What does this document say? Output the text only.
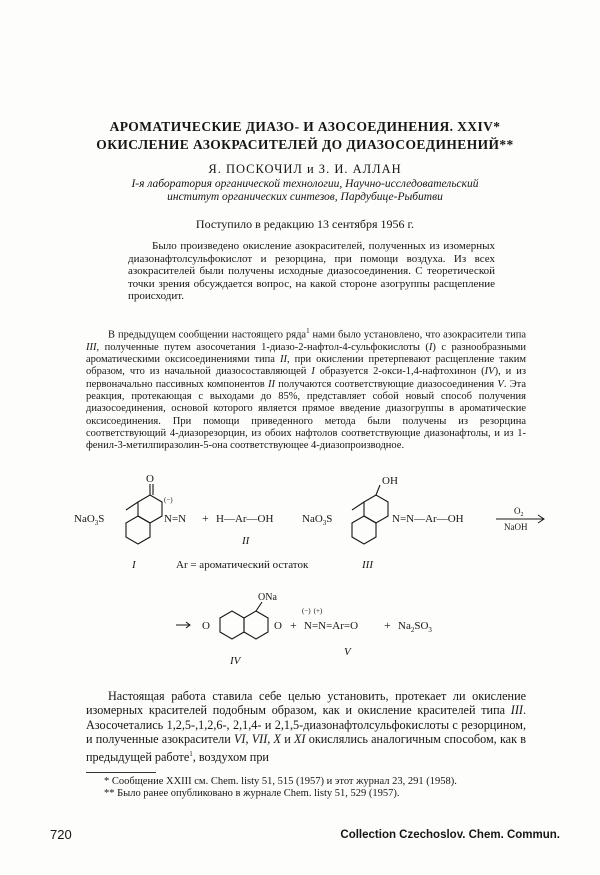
АРОМАТИЧЕСКИЕ ДИАЗО- И АЗОСОЕДИНЕНИЯ. XXIV*
ОКИСЛЕНИЕ АЗОКРАСИТЕЛЕЙ ДО ДИАЗОСОЕДИНЕНИЙ**
Я. ПОСКОЧИЛ и З. И. АЛЛАН
I-я лаборатория органической технологии, Научно-исследовательский
институт органических синтезов, Пардубице-Рыбитви
Поступило в редакцию 13 сентября 1956 г.

Было произведено окисление азокрасителей, полученных из изомерных диазонафтолсульфокислот и резорцина, при помощи воздуха. Из всех азокрасителей были получены исходные диазосоединения. С теоретической точки зрения обсуждается вопрос, на какой стороне азогруппы расщепление происходит.

В предыдущем сообщении настоящего ряда$^1$ нами было установлено, что азокрасители типа III, полученные путем азосочетания 1-диазо-2-нафтол-4-сульфокислоты (I) с разнообразными ароматическими оксисоединениями типа II, при окислении претерпевают расщепление таким образом, что из начальной диазосоставляющей I образуется 2-окси-1,4-нафтохинон (IV), и из первоначально пассивных компонентов II получаются соответствующие диазосоединения V. Эта реакция, протекающая с выходами до 85%, представляет собой новый способ получения диазосоединения, основой которого является прямое введение диазогруппы в ароматические оксисоединения. При помощи приведенного метода были получены из резорцина соответствующий 4-диазорезорцин, из обоих нафтолов соответствующие диазонафтолы, и из 1-фенил-3-метилпиразолин-5-она соответствующее 4-диазопроизводное.

NaO$_3$S
O
(−)
N=N + H—Ar—OH
II
I	Ar = ароматический остаток
NaO$_3$S
OH
N=N—Ar—OH
III
$O_2$
NaOH
O	O
ONa
IV
+
(−) (+)
N=N=Ar=O
V
+ $Na_2SO_3$

Настоящая работа ставила себе целью установить, протекает ли окисление изомерных красителей подобным образом, как и окисление красителей типа III. Азосочетались 1,2,5-,1,2,6-, 2,1,4- и 2,1,5-диазонафтолсульфокислоты с резорцином, и полученные азокрасители VI, VII, X и XI окислялись аналогичным способом, как в предыдущей работе$^1$, воздухом при

* Сообщение XXIII см. Chem. listy 51, 515 (1957) и этот журнал 23, 291 (1958).

** Было ранее опубликовано в журнале Chem. listy 51, 529 (1957).

720	Collection Czechoslov. Chem. Commun.
